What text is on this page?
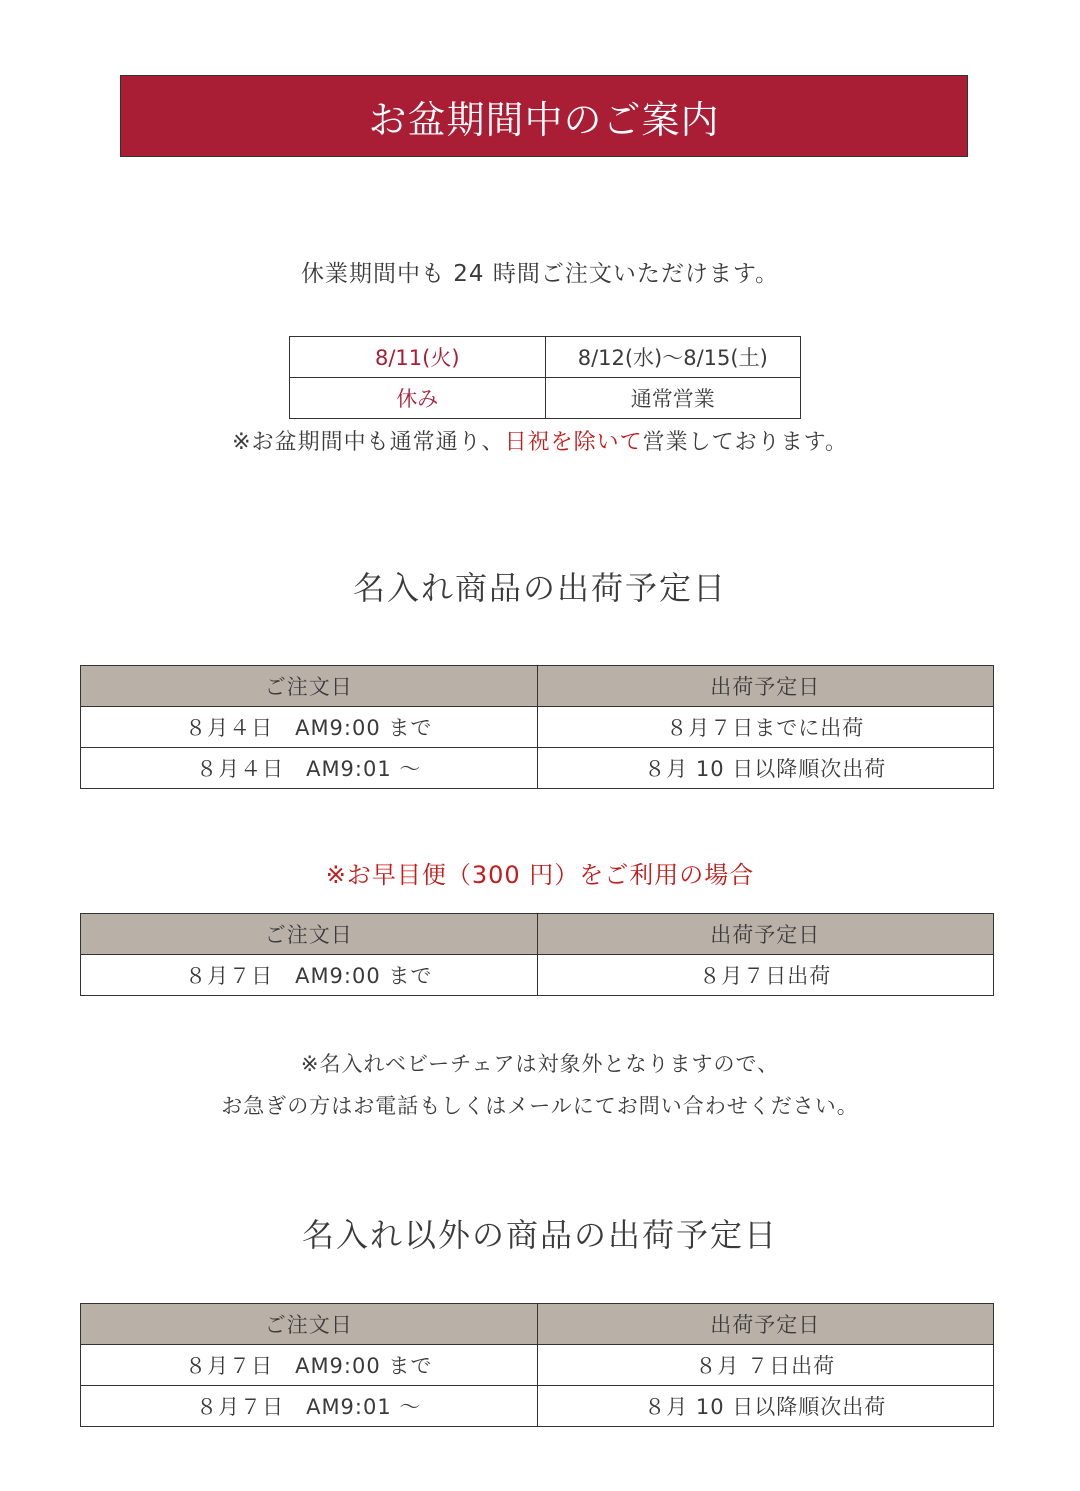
お盆期間中のご案内
休業期間中も 24 時間ご注文いただけます。
8/11(火)	8/12(水)〜8/15(土)
休み	通常営業
※お盆期間中も通常通り、日祝を除いて営業しております。
名入れ商品の出荷予定日
ご注文日	出荷予定日
８月４日　AM9:00 まで	８月７日までに出荷
８月４日　AM9:01 〜	８月 10 日以降順次出荷
※お早目便（300 円）をご利用の場合
ご注文日	出荷予定日
８月７日　AM9:00 まで	８月７日出荷
※名入れベビーチェアは対象外となりますので、
お急ぎの方はお電話もしくはメールにてお問い合わせください。
名入れ以外の商品の出荷予定日
ご注文日	出荷予定日
８月７日　AM9:00 まで	８月 ７日出荷
８月７日　AM9:01 〜	８月 10 日以降順次出荷
